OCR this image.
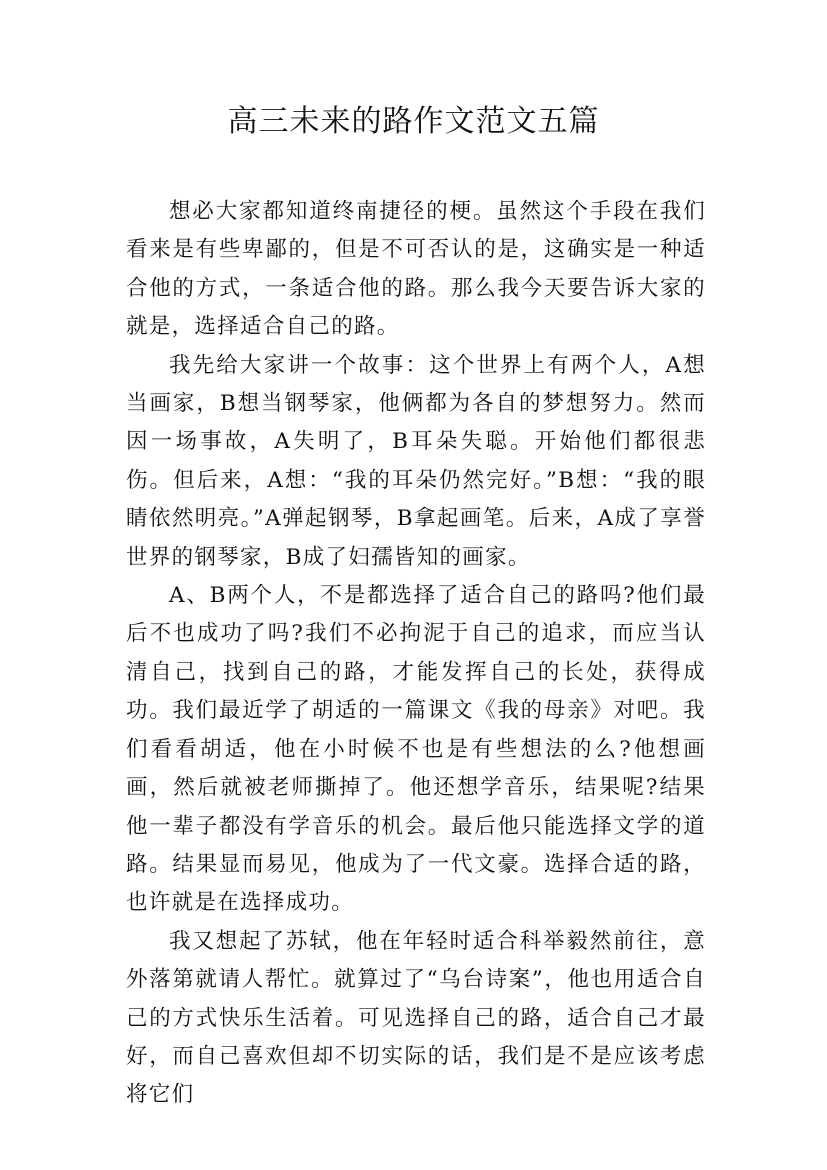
高三未来的路作文范文五篇

想必大家都知道终南捷径的梗。虽然这个手段在我们看来是有些卑鄙的，但是不可否认的是，这确实是一种适合他的方式，一条适合他的路。那么我今天要告诉大家的就是，选择适合自己的路。

我先给大家讲一个故事：这个世界上有两个人，A想当画家，B想当钢琴家，他俩都为各自的梦想努力。然而因一场事故，A失明了，B耳朵失聪。开始他们都很悲伤。但后来，A想：“我的耳朵仍然完好。”B想：“我的眼睛依然明亮。”A弹起钢琴，B拿起画笔。后来，A成了享誉世界的钢琴家，B成了妇孺皆知的画家。

A、B两个人，不是都选择了适合自己的路吗?他们最后不也成功了吗?我们不必拘泥于自己的追求，而应当认清自己，找到自己的路，才能发挥自己的长处，获得成功。我们最近学了胡适的一篇课文《我的母亲》对吧。我们看看胡适，他在小时候不也是有些想法的么?他想画画，然后就被老师撕掉了。他还想学音乐，结果呢?结果他一辈子都没有学音乐的机会。最后他只能选择文学的道路。结果显而易见，他成为了一代文豪。选择合适的路，也许就是在选择成功。

我又想起了苏轼，他在年轻时适合科举毅然前往，意外落第就请人帮忙。就算过了“乌台诗案”，他也用适合自己的方式快乐生活着。可见选择自己的路，适合自己才最好，而自己喜欢但却不切实际的话，我们是不是应该考虑将它们
